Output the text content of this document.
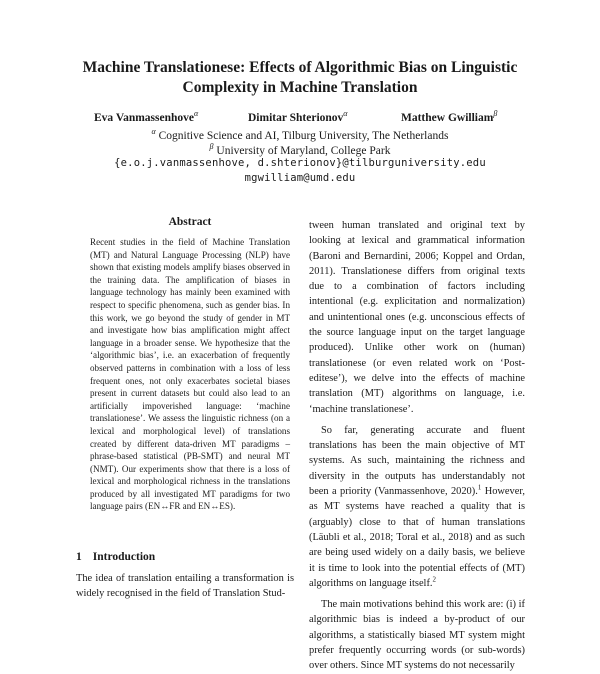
Machine Translationese: Effects of Algorithmic Bias on Linguistic Complexity in Machine Translation
Eva Vanmassenhove$^\alpha$	Dimitar Shterionov$^\alpha$	Matthew Gwilliam$^\beta$
$^\alpha$ Cognitive Science and AI, Tilburg University, The Netherlands
$^\beta$ University of Maryland, College Park
{e.o.j.vanmassenhove, d.shterionov}@tilburguniversity.edu
mgwilliam@umd.edu
Abstract
Recent studies in the field of Machine Translation (MT) and Natural Language Processing (NLP) have shown that existing models amplify biases observed in the training data. The amplification of biases in language technology has mainly been examined with respect to specific phenomena, such as gender bias. In this work, we go beyond the study of gender in MT and investigate how bias amplification might affect language in a broader sense. We hypothesize that the ‘algorithmic bias’, i.e. an exacerbation of frequently observed patterns in combination with a loss of less frequent ones, not only exacerbates societal biases present in current datasets but could also lead to an artificially impoverished language: ‘machine translationese’. We assess the linguistic richness (on a lexical and morphological level) of translations created by different data-driven MT paradigms – phrase-based statistical (PB-SMT) and neural MT (NMT). Our experiments show that there is a loss of lexical and morphological richness in the translations produced by all investigated MT paradigms for two language pairs (EN↔FR and EN↔ES).
1 Introduction
The idea of translation entailing a transformation is widely recognised in the field of Translation Stud-

tween human translated and original text by looking at lexical and grammatical information (Baroni and Bernardini, 2006; Koppel and Ordan, 2011). Translationese differs from original texts due to a combination of factors including intentional (e.g. explicitation and normalization) and unintentional ones (e.g. unconscious effects of the source language input on the target language produced). Unlike other work on (human) translationese (or even related work on ‘Post-editese’), we delve into the effects of machine translation (MT) algorithms on language, i.e. ‘machine translationese’.

So far, generating accurate and fluent translations has been the main objective of MT systems. As such, maintaining the richness and diversity in the outputs has understandably not been a priority (Vanmassenhove, 2020).$^1$ However, as MT systems have reached a quality that is (arguably) close to that of human translations (Läubli et al., 2018; Toral et al., 2018) and as such are being used widely on a daily basis, we believe it is time to look into the potential effects of (MT) algorithms on language itself.$^2$

The main motivations behind this work are: (i) if algorithmic bias is indeed a by-product of our algorithms, a statistically biased MT system might prefer frequently occurring words (or sub-words) over others. Since MT systems do not necessarily
